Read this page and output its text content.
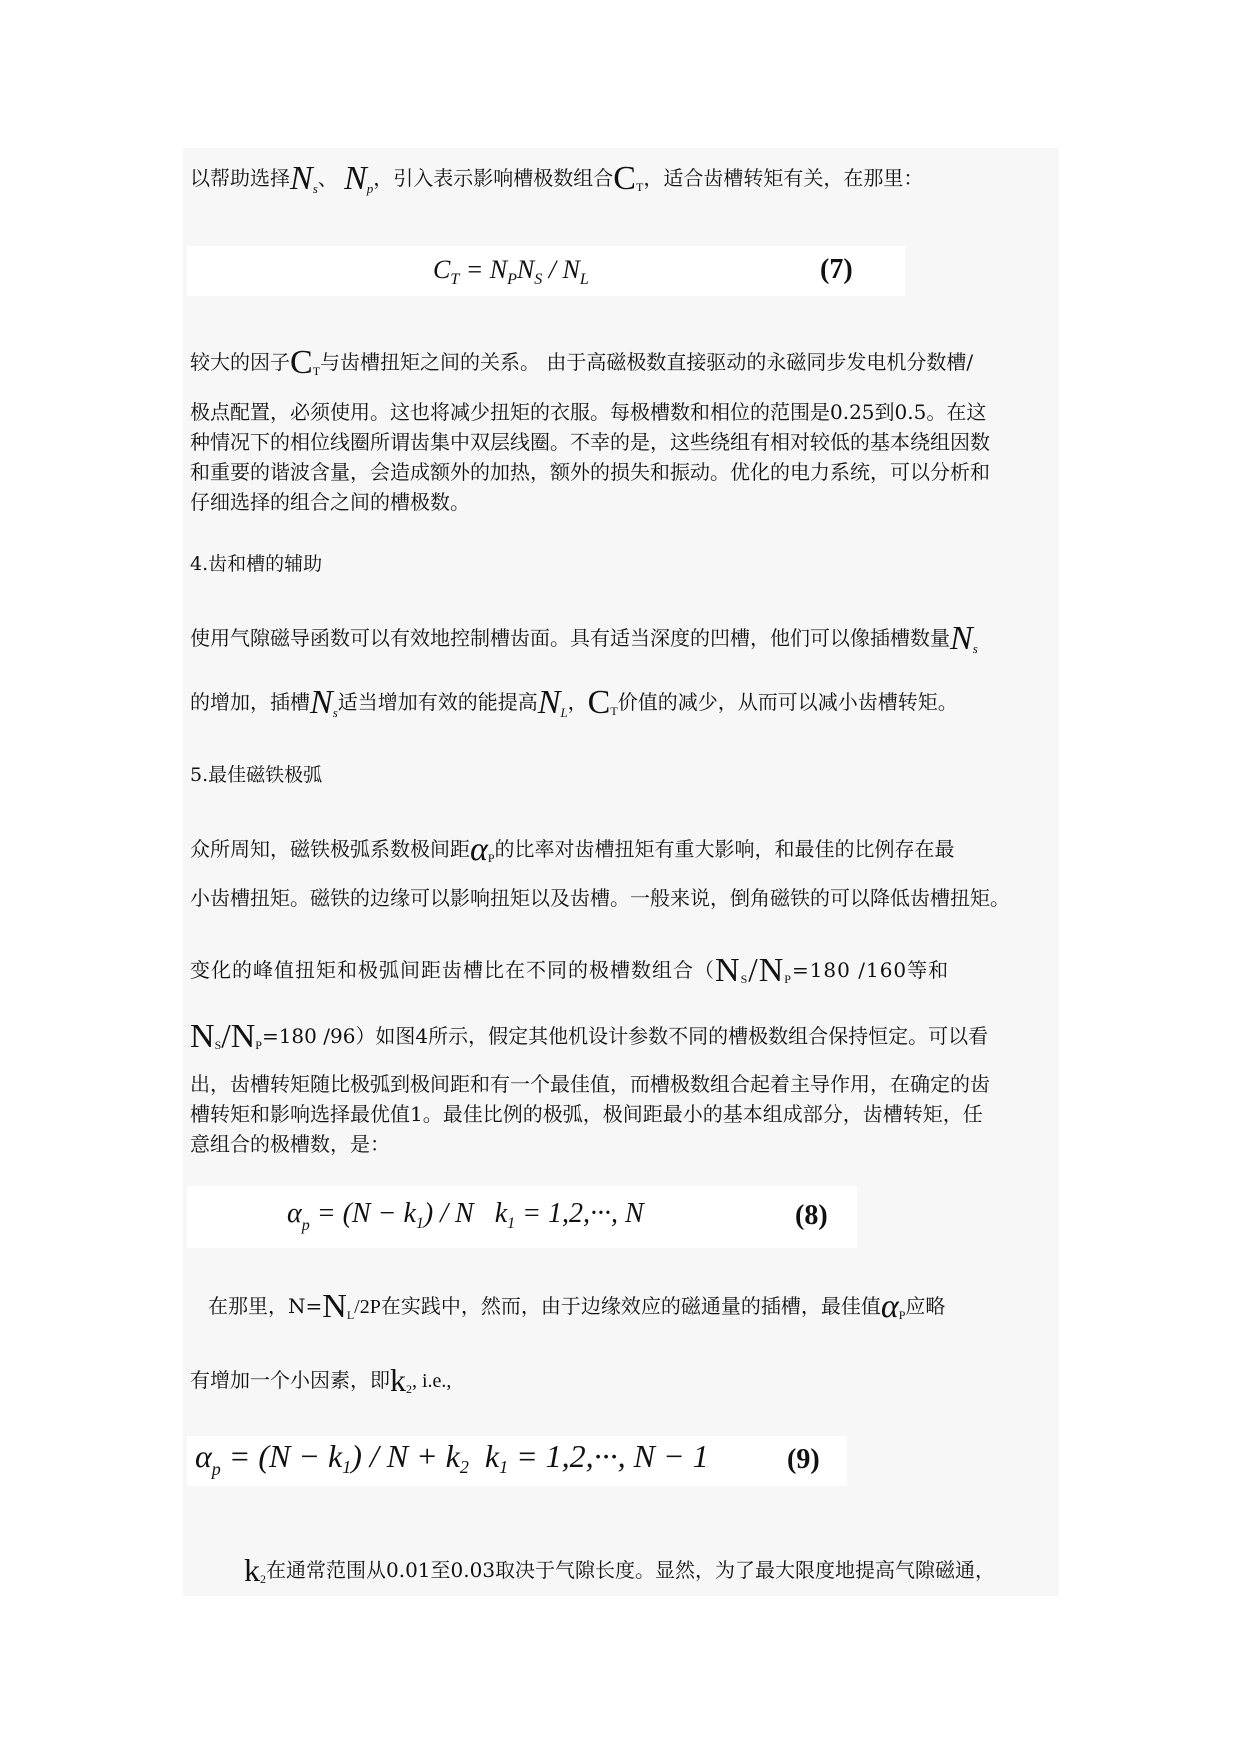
以帮助选择$N_s$、 $N_p$，引入表示影响槽极数组合$C_T$，适合齿槽转矩有关，在那里：
$C_T = N_PN_S / N_L$	(7)
较大的因子$C_T$与齿槽扭矩之间的关系。 由于高磁极数直接驱动的永磁同步发电机分数槽/
极点配置，必须使用。这也将减少扭矩的衣服。每极槽数和相位的范围是0.25到0.5。在这
种情况下的相位线圈所谓齿集中双层线圈。不幸的是，这些绕组有相对较低的基本绕组因数
和重要的谐波含量，会造成额外的加热，额外的损失和振动。优化的电力系统，可以分析和
仔细选择的组合之间的槽极数。
4.齿和槽的辅助
使用气隙磁导函数可以有效地控制槽齿面。具有适当深度的凹槽，他们可以像插槽数量$N_s$
的增加，插槽$N_s$适当增加有效的能提高$N_L$，$C_T$价值的减少，从而可以减小齿槽转矩。
5.最佳磁铁极弧
众所周知，磁铁极弧系数极间距$\alpha_P$的比率对齿槽扭矩有重大影响，和最佳的比例存在最
小齿槽扭矩。磁铁的边缘可以影响扭矩以及齿槽。一般来说，倒角磁铁的可以降低齿槽扭矩。
变化的峰值扭矩和极弧间距齿槽比在不同的极槽数组合（$N_S/N_P=180$ /160等和
$N_S/N_P=180$ /96）如图4所示，假定其他机设计参数不同的槽极数组合保持恒定。可以看
出，齿槽转矩随比极弧到极间距和有一个最佳值，而槽极数组合起着主导作用，在确定的齿
槽转矩和影响选择最优值1。最佳比例的极弧，极间距最小的基本组成部分，齿槽转矩，任
意组合的极槽数，是：
$\alpha_p = (N - k_1) / N$ $k_1 = 1,2,\cdot\cdot\cdot$, N	(8)
在那里，$N=N_L/2P$在实践中，然而，由于边缘效应的磁通量的插槽，最佳值$\alpha_P$应略
有增加一个小因素，即$k_2$, i.e.,
$\alpha_p = (N - k1) / N + k2$ k1 = 1,2,···, N − 1	(9)
$k_2$在通常范围从0.01至0.03取决于气隙长度。显然，为了最大限度地提高气隙磁通，
